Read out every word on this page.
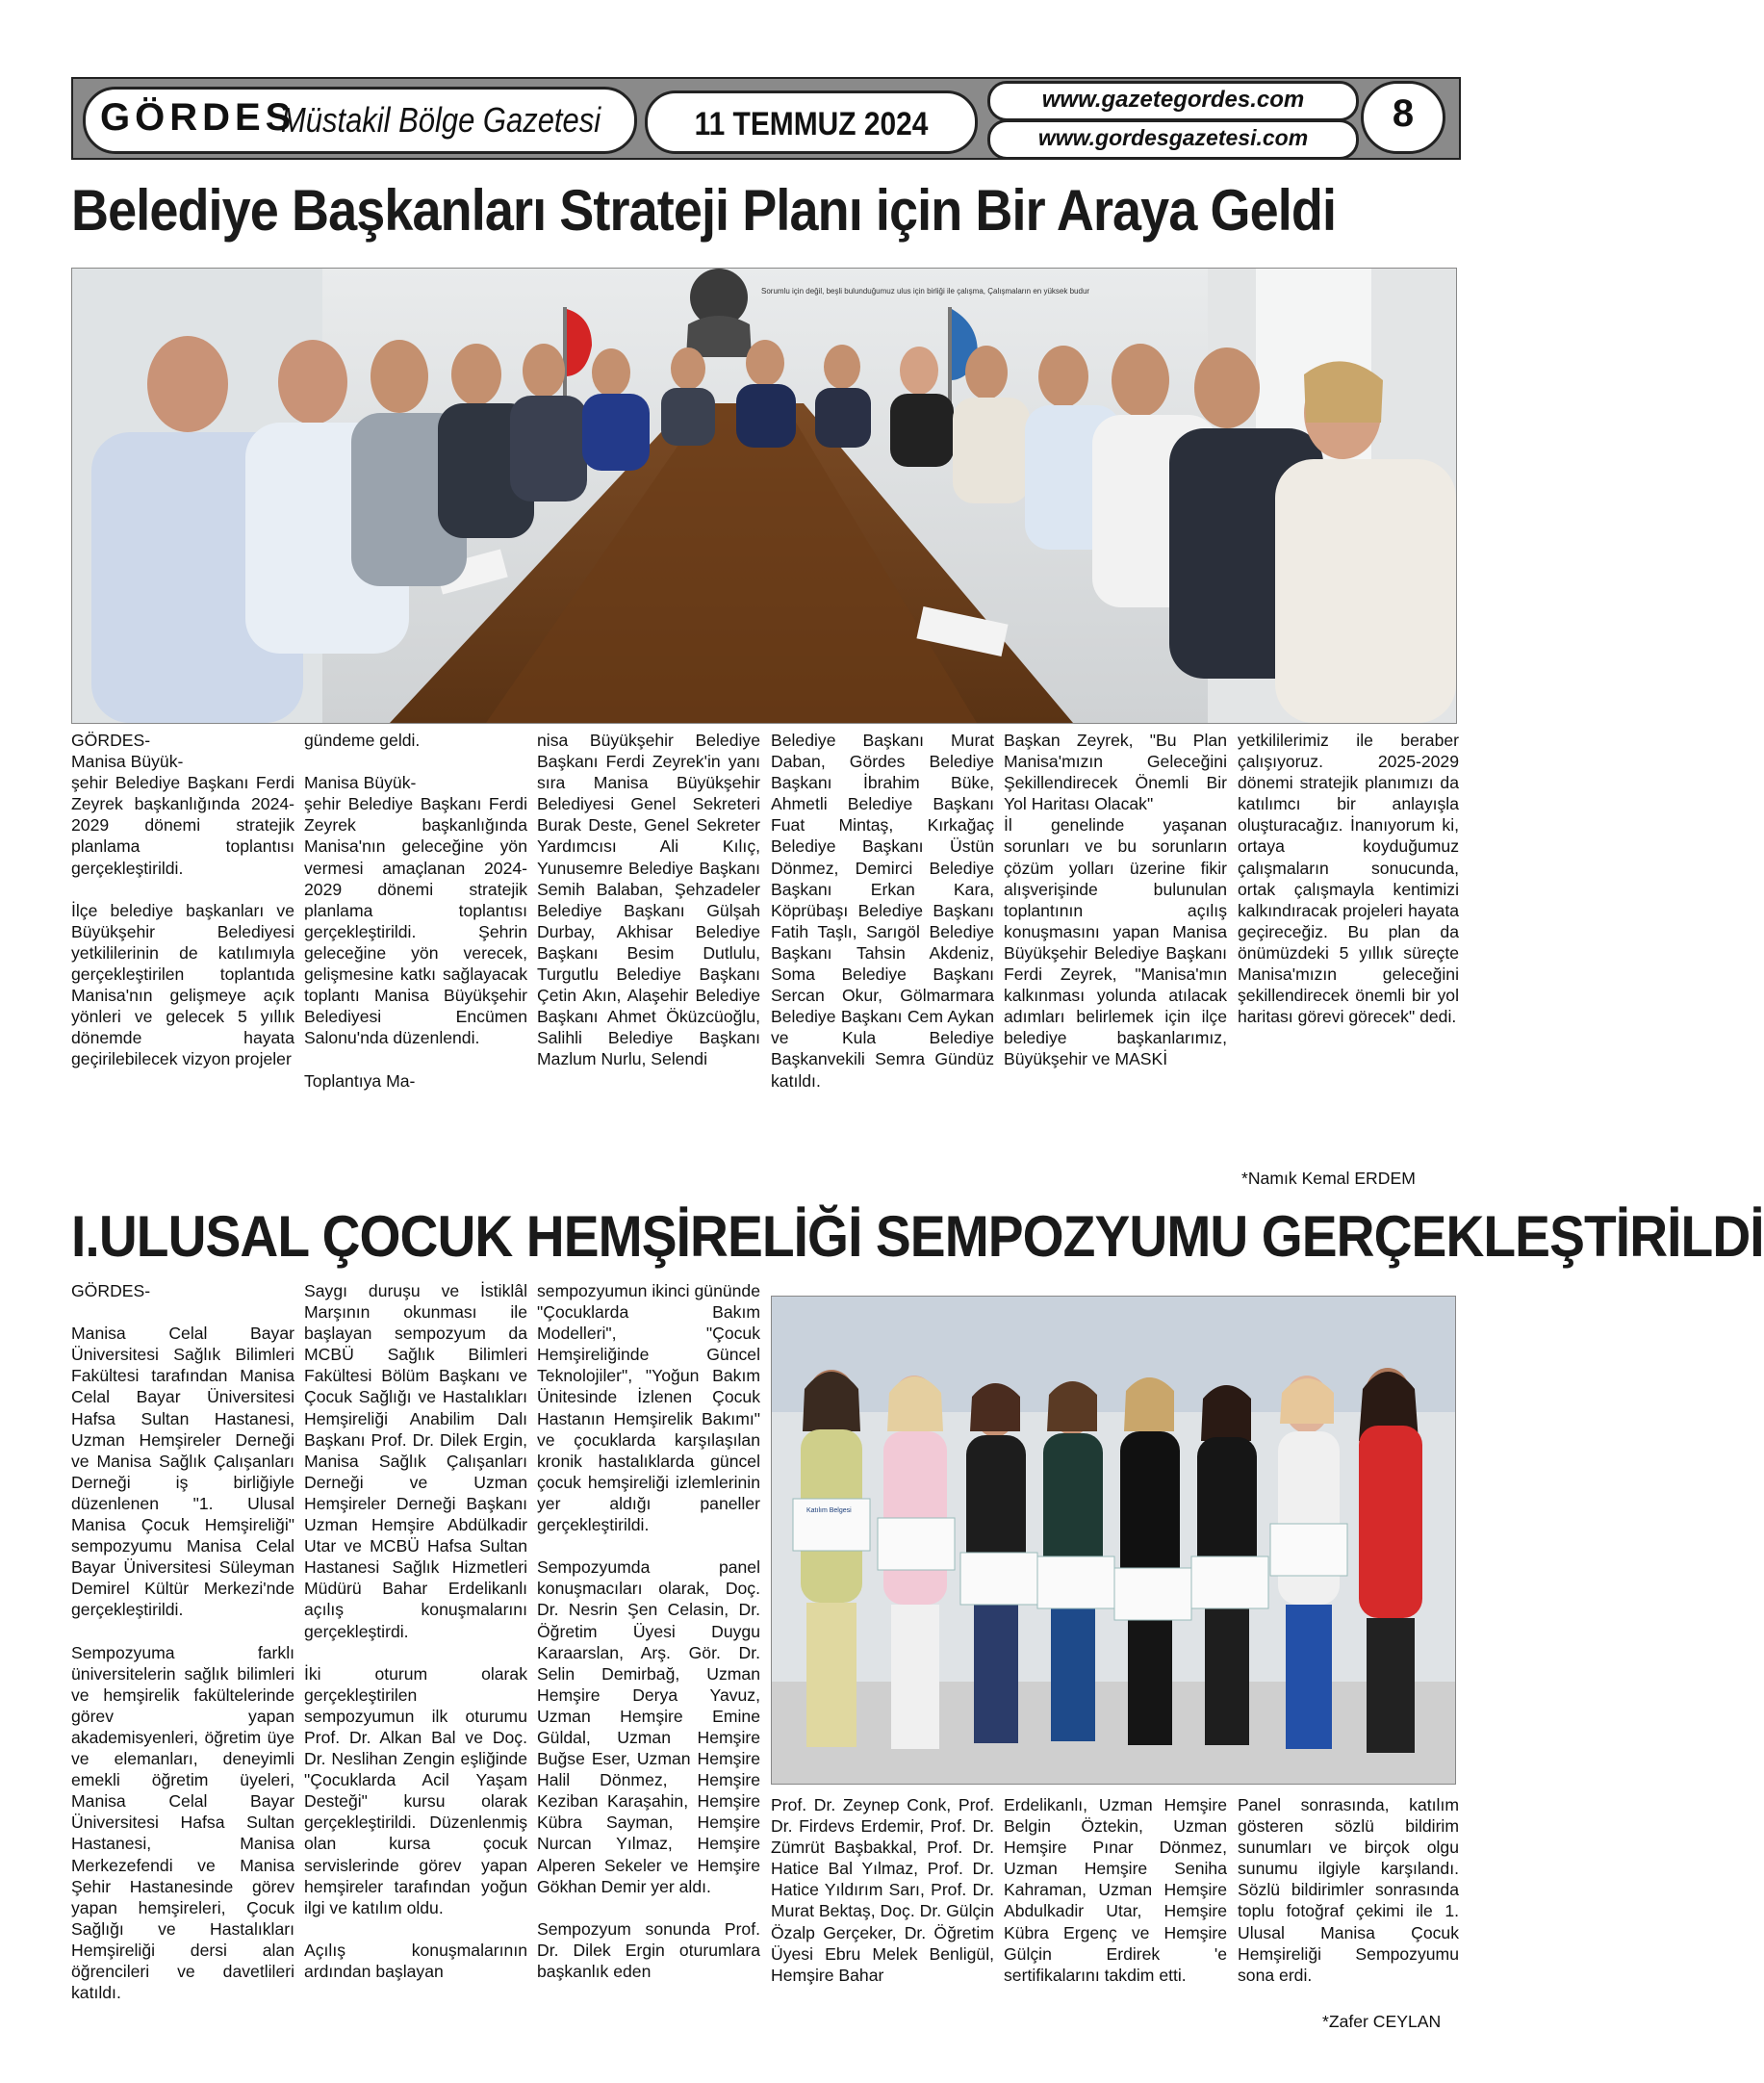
GÖRDES
Müstakil Bölge Gazetesi	11 TEMMUZ 2024
www.gazetegordes.com
www.gordesgazetesi.com
8
Belediye Başkanları Strateji Planı için Bir Araya Geldi
Sorumlu için değil, beşli bulunduğumuz ulus için birliği ile çalışma, Çalışmaların en yüksek budur
GÖRDES-
Manisa Büyük-
şehir Belediye Başkanı Ferdi Zeyrek başkanlığında 2024-2029 dönemi stratejik planlama toplantısı gerçekleştirildi.

İlçe belediye başkanları ve Büyükşehir Belediyesi yetkililerinin de katılımıyla gerçekleştirilen toplantıda Manisa'nın gelişmeye açık yönleri ve gelecek 5 yıllık dönemde hayata geçirilebilecek vizyon projeler
gündeme geldi.

Manisa Büyük-
şehir Belediye Başkanı Ferdi Zeyrek başkanlığında Manisa'nın geleceğine yön vermesi amaçlanan 2024-2029 dönemi stratejik planlama toplantısı gerçekleştirildi. Şehrin geleceğine yön verecek, gelişmesine katkı sağlayacak toplantı Manisa Büyükşehir Belediyesi Encümen Salonu'nda düzenlendi.

Toplantıya Ma-
nisa Büyükşehir Belediye Başkanı Ferdi Zeyrek'in yanı sıra Manisa Büyükşehir Belediyesi Genel Sekreteri Burak Deste, Genel Sekreter Yardımcısı Ali Kılıç, Yunusemre Belediye Başkanı Semih Balaban, Şehzadeler Belediye Başkanı Gülşah Durbay, Akhisar Belediye Başkanı Besim Dutlulu, Turgutlu Belediye Başkanı Çetin Akın, Alaşehir Belediye Başkanı Ahmet Öküzcüoğlu, Salihli Belediye Başkanı Mazlum Nurlu, Selendi
Belediye Başkanı Murat Daban, Gördes Belediye Başkanı İbrahim Büke, Ahmetli Belediye Başkanı Fuat Mintaş, Kırkağaç Belediye Başkanı Üstün Dönmez, Demirci Belediye Başkanı Erkan Kara, Köprübaşı Belediye Başkanı Fatih Taşlı, Sarıgöl Belediye Başkanı Tahsin Akdeniz, Soma Belediye Başkanı Sercan Okur, Gölmarmara Belediye Başkanı Cem Aykan ve Kula Belediye Başkanvekili Semra Gündüz katıldı.
Başkan Zeyrek, "Bu Plan Manisa'mızın Geleceğini Şekillendirecek Önemli Bir Yol Haritası Olacak"
İl genelinde yaşanan sorunları ve bu sorunların çözüm yolları üzerine fikir alışverişinde bulunulan toplantının açılış konuşmasını yapan Manisa Büyükşehir Belediye Başkanı Ferdi Zeyrek, "Manisa'mın kalkınması yolunda atılacak adımları belirlemek için ilçe belediye başkanlarımız, Büyükşehir ve MASKİ
yetkililerimiz ile beraber çalışıyoruz. 2025-2029 dönemi stratejik planımızı da katılımcı bir anlayışla oluşturacağız. İnanıyorum ki, ortaya koyduğumuz çalışmaların sonucunda, ortak çalışmayla kentimizi kalkındıracak projeleri hayata geçireceğiz. Bu plan da önümüzdeki 5 yıllık süreçte Manisa'mızın geleceğini şekillendirecek önemli bir yol haritası görevi görecek" dedi.
*Namık Kemal ERDEM
I.ULUSAL ÇOCUK HEMŞİRELİĞİ SEMPOZYUMU GERÇEKLEŞTİRİLDİ
GÖRDES-

Manisa Celal Bayar Üniversitesi Sağlık Bilimleri Fakültesi tarafından Manisa Celal Bayar Üniversitesi Hafsa Sultan Hastanesi, Uzman Hemşireler Derneği ve Manisa Sağlık Çalışanları Derneği iş birliğiyle düzenlenen "1. Ulusal Manisa Çocuk Hemşireliği" sempozyumu Manisa Celal Bayar Üniversitesi Süleyman Demirel Kültür Merkezi'nde gerçekleştirildi.

Sempozyuma farklı üniversitelerin sağlık bilimleri ve hemşirelik fakültelerinde görev yapan akademisyenleri, öğretim üye ve elemanları, deneyimli emekli öğretim üyeleri, Manisa Celal Bayar Üniversitesi Hafsa Sultan Hastanesi, Manisa Merkezefendi ve Manisa Şehir Hastanesinde görev yapan hemşireleri, Çocuk Sağlığı ve Hastalıkları Hemşireliği dersi alan öğrencileri ve davetlileri katıldı.
Saygı duruşu ve İstiklâl Marşının okunması ile başlayan sempozyum da MCBÜ Sağlık Bilimleri Fakültesi Bölüm Başkanı ve Çocuk Sağlığı ve Hastalıkları Hemşireliği Anabilim Dalı Başkanı Prof. Dr. Dilek Ergin, Manisa Sağlık Çalışanları Derneği ve Uzman Hemşireler Derneği Başkanı Uzman Hemşire Abdülkadir Utar ve MCBÜ Hafsa Sultan Hastanesi Sağlık Hizmetleri Müdürü Bahar Erdelikanlı açılış konuşmalarını gerçekleştirdi.

İki oturum olarak gerçekleştirilen sempozyumun ilk oturumu Prof. Dr. Alkan Bal ve Doç. Dr. Neslihan Zengin eşliğinde "Çocuklarda Acil Yaşam Desteği" kursu olarak gerçekleştirildi. Düzenlenmiş olan kursa çocuk servislerinde görev yapan hemşireler tarafından yoğun ilgi ve katılım oldu.

Açılış konuşmalarının ardından başlayan
sempozyumun ikinci gününde "Çocuklarda Bakım Modelleri", "Çocuk Hemşireliğinde Güncel Teknolojiler", "Yoğun Bakım Ünitesinde İzlenen Çocuk Hastanın Hemşirelik Bakımı" ve çocuklarda karşılaşılan kronik hastalıklarda güncel çocuk hemşireliği izlemlerinin yer aldığı paneller gerçekleştirildi.

Sempozyumda panel konuşmacıları olarak, Doç. Dr. Nesrin Şen Celasin, Dr. Öğretim Üyesi Duygu Karaarslan, Arş. Gör. Dr. Selin Demirbağ, Uzman Hemşire Derya Yavuz, Uzman Hemşire Emine Güldal, Uzman Hemşire Buğse Eser, Uzman Hemşire Halil Dönmez, Hemşire Keziban Karaşahin, Hemşire Kübra Sayman, Hemşire Nurcan Yılmaz, Hemşire Alperen Sekeler ve Hemşire Gökhan Demir yer aldı.

Sempozyum sonunda Prof. Dr. Dilek Ergin oturumlara başkanlık eden
Katılım Belgesi
Prof. Dr. Zeynep Conk, Prof. Dr. Firdevs Erdemir, Prof. Dr. Zümrüt Başbakkal, Prof. Dr. Hatice Bal Yılmaz, Prof. Dr. Hatice Yıldırım Sarı, Prof. Dr. Murat Bektaş, Doç. Dr. Gülçin Özalp Gerçeker, Dr. Öğretim Üyesi Ebru Melek Benligül, Hemşire Bahar
Erdelikanlı, Uzman Hemşire Belgin Öztekin, Uzman Hemşire Pınar Dönmez, Uzman Hemşire Seniha Kahraman, Uzman Hemşire Abdulkadir Utar, Hemşire Kübra Ergenç ve Hemşire Gülçin Erdirek 'e sertifikalarını takdim etti.
Panel sonrasında, katılım gösteren sözlü bildirim sunumları ve birçok olgu sunumu ilgiyle karşılandı. Sözlü bildirimler sonrasında toplu fotoğraf çekimi ile 1. Ulusal Manisa Çocuk Hemşireliği Sempozyumu sona erdi.
*Zafer CEYLAN
